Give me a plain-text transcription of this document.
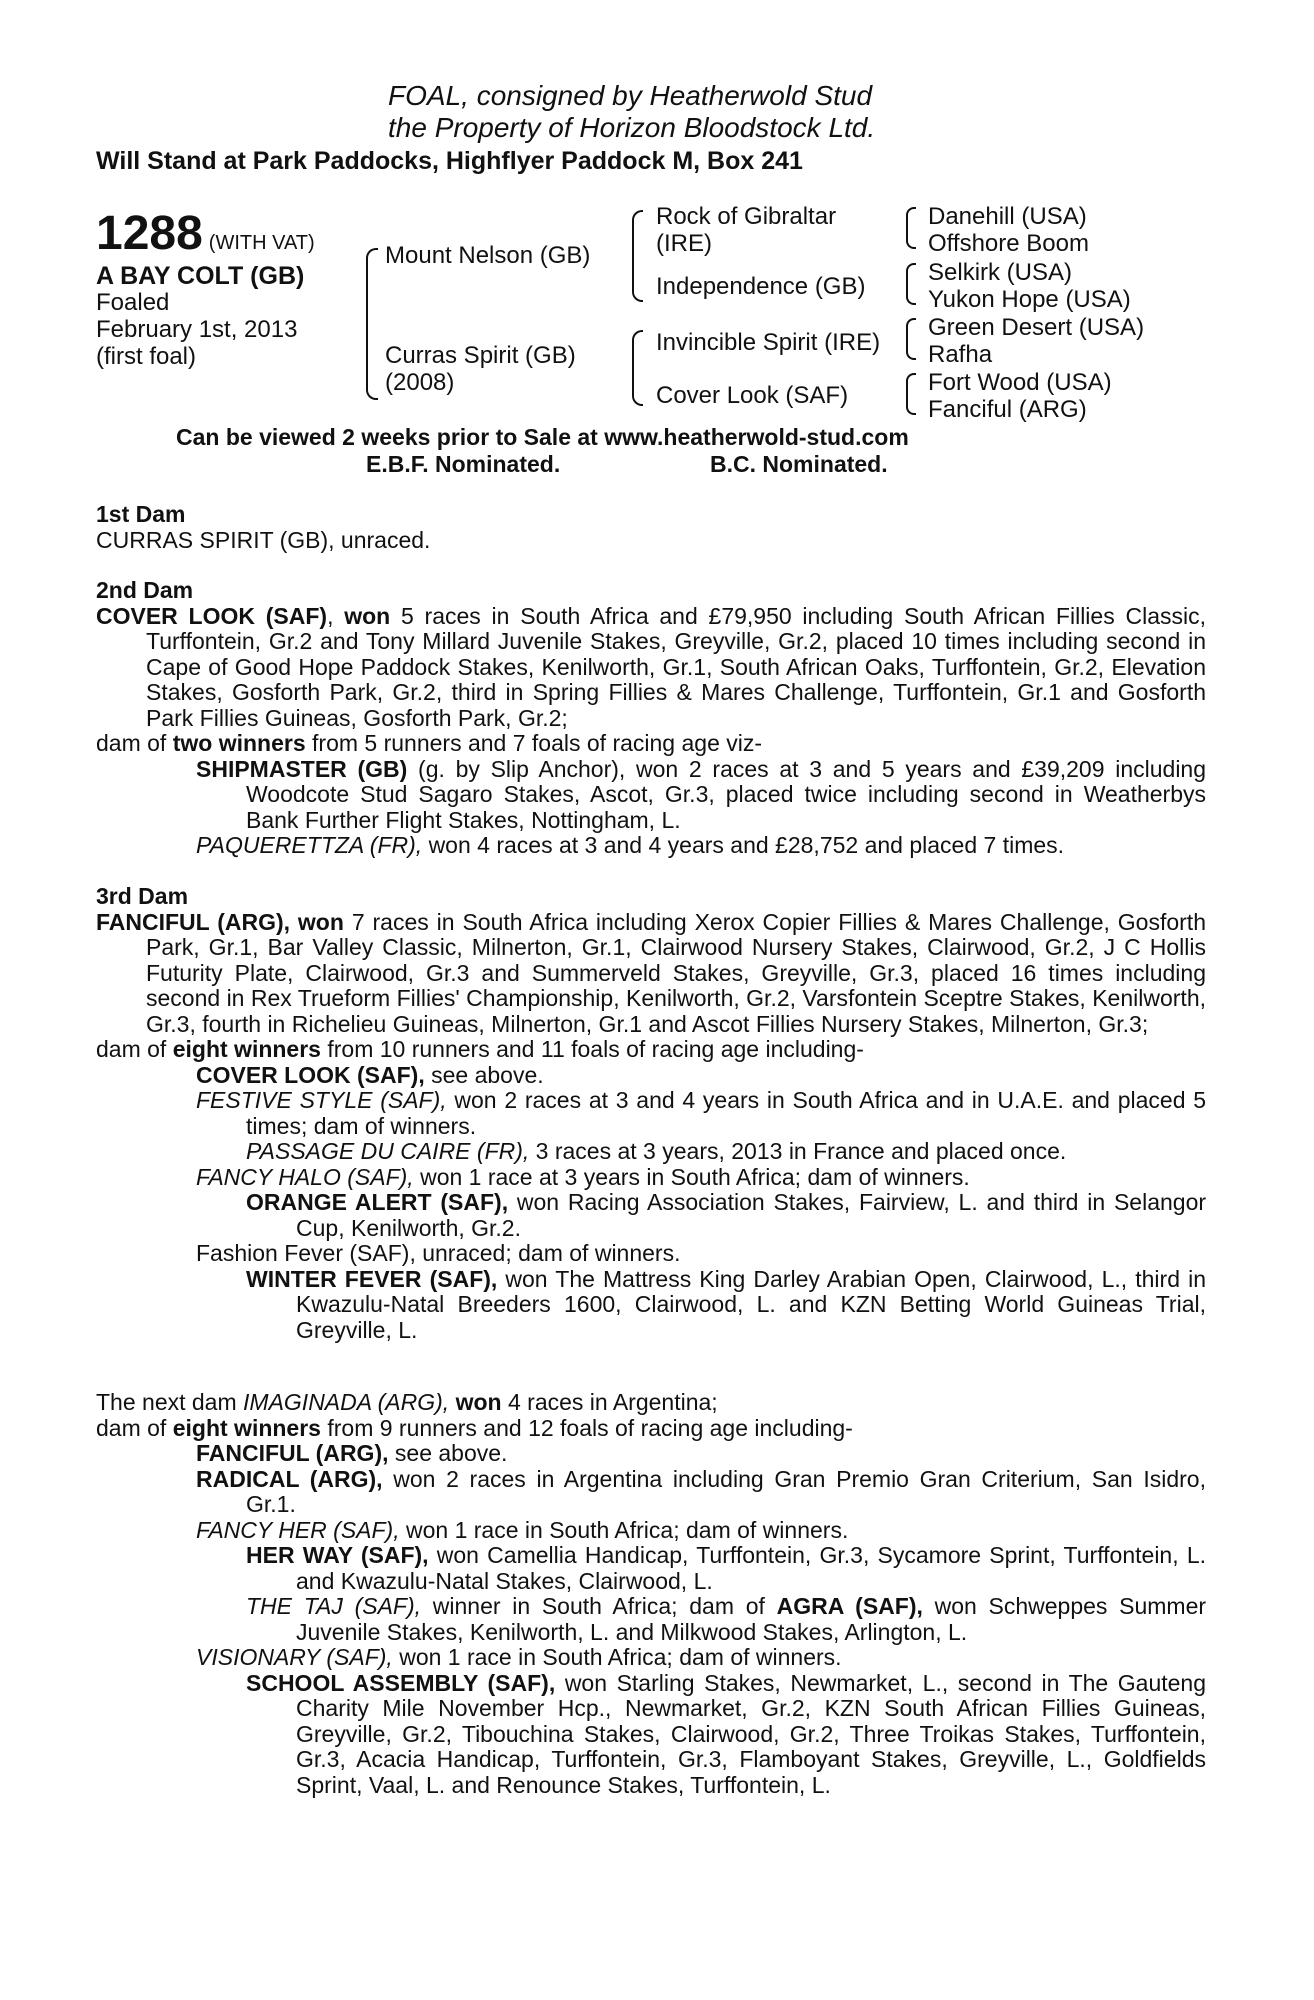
FOAL, consigned by Heatherwold Stud
the Property of Horizon Bloodstock Ltd.
Will Stand at Park Paddocks, Highflyer Paddock M, Box 241
1288 (WITH VAT)
A BAY COLT (GB)
Foaled
February 1st, 2013
(first foal)
Mount Nelson (GB)
Curras Spirit (GB)
(2008)
Rock of Gibraltar
(IRE)
Independence (GB)
Invincible Spirit (IRE)
Cover Look (SAF)
Danehill (USA)
Offshore Boom
Selkirk (USA)
Yukon Hope (USA)
Green Desert (USA)
Rafha
Fort Wood (USA)
Fanciful (ARG)
Can be viewed 2 weeks prior to Sale at www.heatherwold-stud.com
E.B.F. Nominated.	B.C. Nominated.
1st Dam

CURRAS SPIRIT (GB), unraced.

2nd Dam

COVER LOOK (SAF), won 5 races in South Africa and £79,950 including South African Fillies Classic, Turffontein, Gr.2 and Tony Millard Juvenile Stakes, Greyville, Gr.2, placed 10 times including second in Cape of Good Hope Paddock Stakes, Kenilworth, Gr.1, South African Oaks, Turffontein, Gr.2, Elevation Stakes, Gosforth Park, Gr.2, third in Spring Fillies & Mares Challenge, Turffontein, Gr.1 and Gosforth Park Fillies Guineas, Gosforth Park, Gr.2;

dam of two winners from 5 runners and 7 foals of racing age viz-

SHIPMASTER (GB) (g. by Slip Anchor), won 2 races at 3 and 5 years and £39,209 including Woodcote Stud Sagaro Stakes, Ascot, Gr.3, placed twice including second in Weatherbys Bank Further Flight Stakes, Nottingham, L.

PAQUERETTZA (FR), won 4 races at 3 and 4 years and £28,752 and placed 7 times.

3rd Dam

FANCIFUL (ARG), won 7 races in South Africa including Xerox Copier Fillies & Mares Challenge, Gosforth Park, Gr.1, Bar Valley Classic, Milnerton, Gr.1, Clairwood Nursery Stakes, Clairwood, Gr.2, J C Hollis Futurity Plate, Clairwood, Gr.3 and Summerveld Stakes, Greyville, Gr.3, placed 16 times including second in Rex Trueform Fillies' Championship, Kenilworth, Gr.2, Varsfontein Sceptre Stakes, Kenilworth, Gr.3, fourth in Richelieu Guineas, Milnerton, Gr.1 and Ascot Fillies Nursery Stakes, Milnerton, Gr.3;

dam of eight winners from 10 runners and 11 foals of racing age including-

COVER LOOK (SAF), see above.

FESTIVE STYLE (SAF), won 2 races at 3 and 4 years in South Africa and in U.A.E. and placed 5 times; dam of winners.

PASSAGE DU CAIRE (FR), 3 races at 3 years, 2013 in France and placed once.

FANCY HALO (SAF), won 1 race at 3 years in South Africa; dam of winners.

ORANGE ALERT (SAF), won Racing Association Stakes, Fairview, L. and third in Selangor Cup, Kenilworth, Gr.2.

Fashion Fever (SAF), unraced; dam of winners.

WINTER FEVER (SAF), won The Mattress King Darley Arabian Open, Clairwood, L., third in Kwazulu-Natal Breeders 1600, Clairwood, L. and KZN Betting World Guineas Trial, Greyville, L.

The next dam IMAGINADA (ARG), won 4 races in Argentina;

dam of eight winners from 9 runners and 12 foals of racing age including-

FANCIFUL (ARG), see above.

RADICAL (ARG), won 2 races in Argentina including Gran Premio Gran Criterium, San Isidro, Gr.1.

FANCY HER (SAF), won 1 race in South Africa; dam of winners.

HER WAY (SAF), won Camellia Handicap, Turffontein, Gr.3, Sycamore Sprint, Turffontein, L. and Kwazulu-Natal Stakes, Clairwood, L.

THE TAJ (SAF), winner in South Africa; dam of AGRA (SAF), won Schweppes Summer Juvenile Stakes, Kenilworth, L. and Milkwood Stakes, Arlington, L.

VISIONARY (SAF), won 1 race in South Africa; dam of winners.

SCHOOL ASSEMBLY (SAF), won Starling Stakes, Newmarket, L., second in The Gauteng Charity Mile November Hcp., Newmarket, Gr.2, KZN South African Fillies Guineas, Greyville, Gr.2, Tibouchina Stakes, Clairwood, Gr.2, Three Troikas Stakes, Turffontein, Gr.3, Acacia Handicap, Turffontein, Gr.3, Flamboyant Stakes, Greyville, L., Goldfields Sprint, Vaal, L. and Renounce Stakes, Turffontein, L.
